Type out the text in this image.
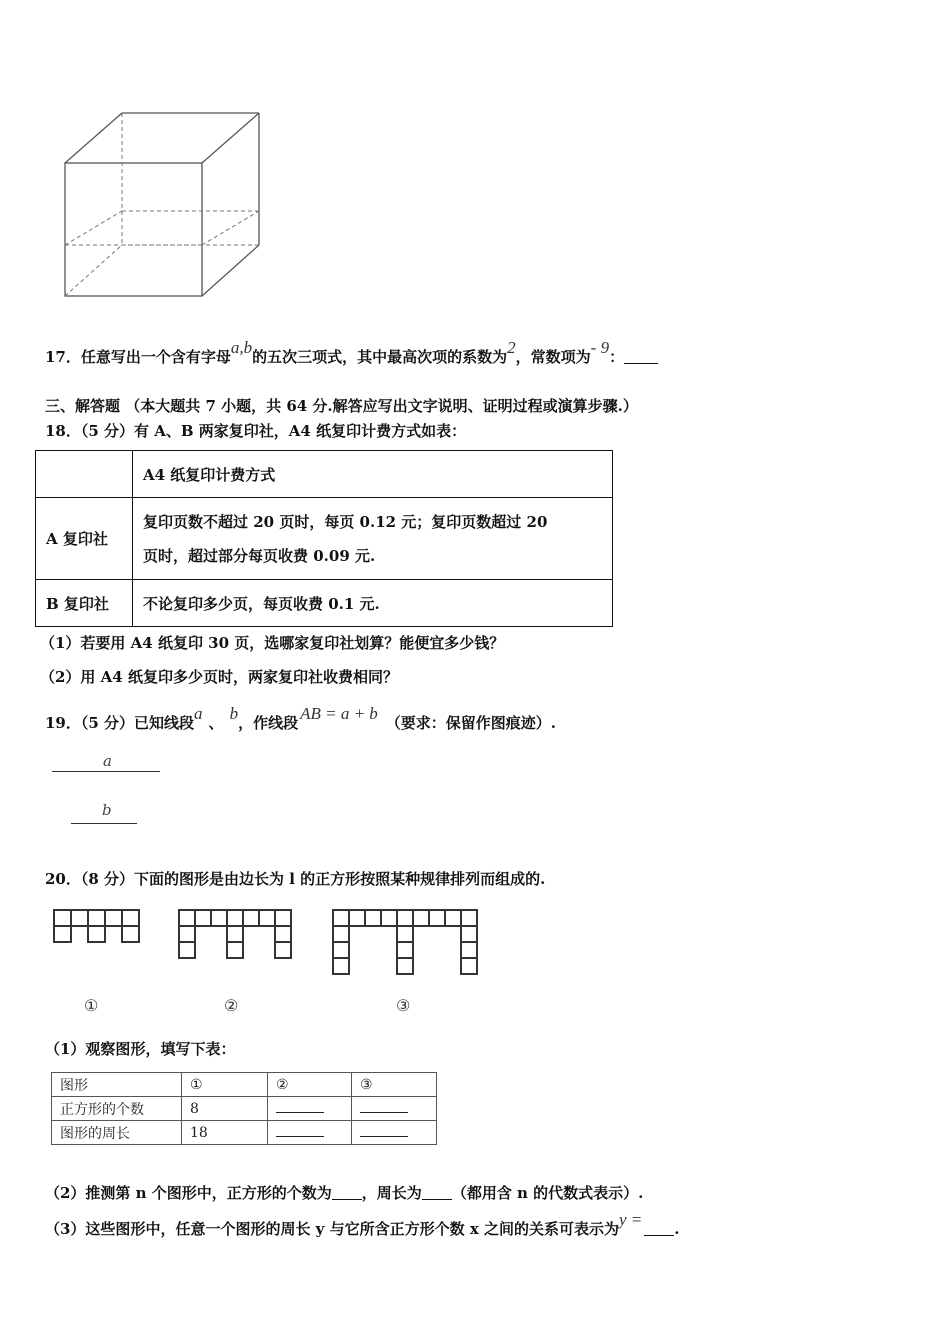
17．任意写出一个含有字母a,b的五次三项式，其中最高次项的系数为2，常数项为- 9：
三、解答题 （本大题共 7 小题，共 64 分.解答应写出文字说明、证明过程或演算步骤.）
18．（5 分）有 A、B 两家复印社，A4 纸复印计费方式如表：
	A4 纸复印计费方式
A 复印社	复印页数不超过 20 页时，每页 0.12 元；复印页数超过 20
页时，超过部分每页收费 0.09 元.

B 复印社	不论复印多少页，每页收费 0.1 元.
（1）若要用 A4 纸复印 30 页，选哪家复印社划算？能便宜多少钱？
（2）用 A4 纸复印多少页时，两家复印社收费相同？
19．（5 分）已知线段a 、 b，作线段 AB = a + b （要求：保留作图痕迹）.
a
b
20．（8 分）下面的图形是由边长为 l 的正方形按照某种规律排列而组成的.
①	②	③
（1）观察图形，填写下表：
图形	①	②	③
正方形的个数	8		
图形的周长	18		
（2）推测第 n 个图形中，正方形的个数为 ，周长为 （都用含 n 的代数式表示）.
（3）这些图形中，任意一个图形的周长 y 与它所含正方形个数 x 之间的关系可表示为y = .
